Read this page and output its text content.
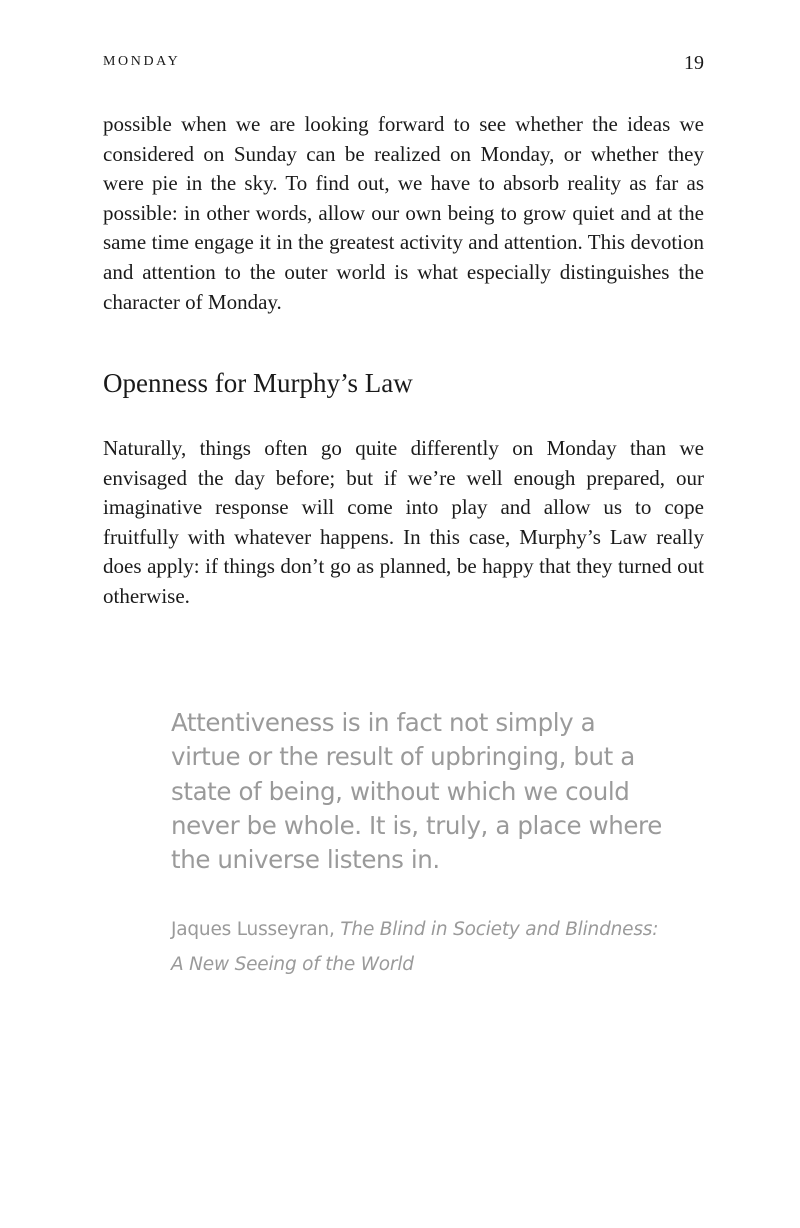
MONDAY	19

possible when we are looking forward to see whether the ideas we considered on Sunday can be realized on Monday, or whether they were pie in the sky. To find out, we have to absorb reality as far as possible: in other words, allow our own being to grow quiet and at the same time engage it in the greatest activity and attention. This devotion and attention to the outer world is what especially distinguishes the character of Monday.

Openness for Murphy’s Law

Naturally, things often go quite differently on Monday than we envisaged the day before; but if we’re well enough prepared, our imaginative response will come into play and allow us to cope fruitfully with whatever happens. In this case, Murphy’s Law really does apply: if things don’t go as planned, be happy that they turned out otherwise.

Attentiveness is in fact not simply a virtue or the result of upbringing, but a state of being, without which we could never be whole. It is, truly, a place where the universe listens in.

Jaques Lusseyran, The Blind in Society and Blindness: A New Seeing of the World
